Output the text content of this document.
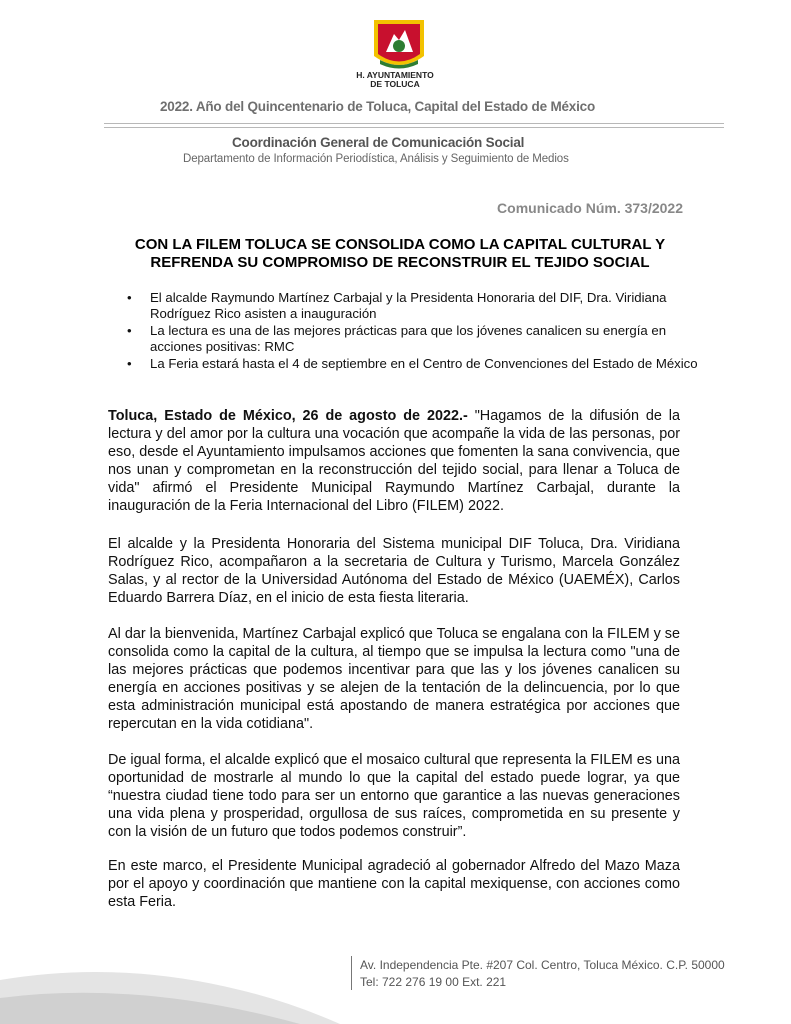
H. AYUNTAMIENTO
DE TOLUCA
2022. Año del Quincentenario de Toluca, Capital del Estado de México
Coordinación General de Comunicación Social
Departamento de Información Periodística, Análisis y Seguimiento de Medios
Comunicado Núm. 373/2022
CON LA FILEM TOLUCA SE CONSOLIDA COMO LA CAPITAL CULTURAL Y
REFRENDA SU COMPROMISO DE RECONSTRUIR EL TEJIDO SOCIAL
• El alcalde Raymundo Martínez Carbajal y la Presidenta Honoraria del DIF, Dra. Viridiana Rodríguez Rico asisten a inauguración
• La lectura es una de las mejores prácticas para que los jóvenes canalicen su energía en acciones positivas: RMC
• La Feria estará hasta el 4 de septiembre en el Centro de Convenciones del Estado de México

Toluca, Estado de México, 26 de agosto de 2022.- "Hagamos de la difusión de la lectura y del amor por la cultura una vocación que acompañe la vida de las personas, por eso, desde el Ayuntamiento impulsamos acciones que fomenten la sana convivencia, que nos unan y comprometan en la reconstrucción del tejido social, para llenar a Toluca de vida" afirmó el Presidente Municipal Raymundo Martínez Carbajal, durante la inauguración de la Feria Internacional del Libro (FILEM) 2022.

El alcalde y la Presidenta Honoraria del Sistema municipal DIF Toluca, Dra. Viridiana Rodríguez Rico, acompañaron a la secretaria de Cultura y Turismo, Marcela González Salas, y al rector de la Universidad Autónoma del Estado de México (UAEMÉX), Carlos Eduardo Barrera Díaz, en el inicio de esta fiesta literaria.

Al dar la bienvenida, Martínez Carbajal explicó que Toluca se engalana con la FILEM y se consolida como la capital de la cultura, al tiempo que se impulsa la lectura como "una de las mejores prácticas que podemos incentivar para que las y los jóvenes canalicen su energía en acciones positivas y se alejen de la tentación de la delincuencia, por lo que esta administración municipal está apostando de manera estratégica por acciones que repercutan en la vida cotidiana".

De igual forma, el alcalde explicó que el mosaico cultural que representa la FILEM es una oportunidad de mostrarle al mundo lo que la capital del estado puede lograr, ya que “nuestra ciudad tiene todo para ser un entorno que garantice a las nuevas generaciones una vida plena y prosperidad, orgullosa de sus raíces, comprometida en su presente y con la visión de un futuro que todos podemos construir”.

En este marco, el Presidente Municipal agradeció al gobernador Alfredo del Mazo Maza por el apoyo y coordinación que mantiene con la capital mexiquense, con acciones como esta Feria.

Av. Independencia Pte. #207 Col. Centro, Toluca México. C.P. 50000
Tel: 722 276 19 00 Ext. 221
